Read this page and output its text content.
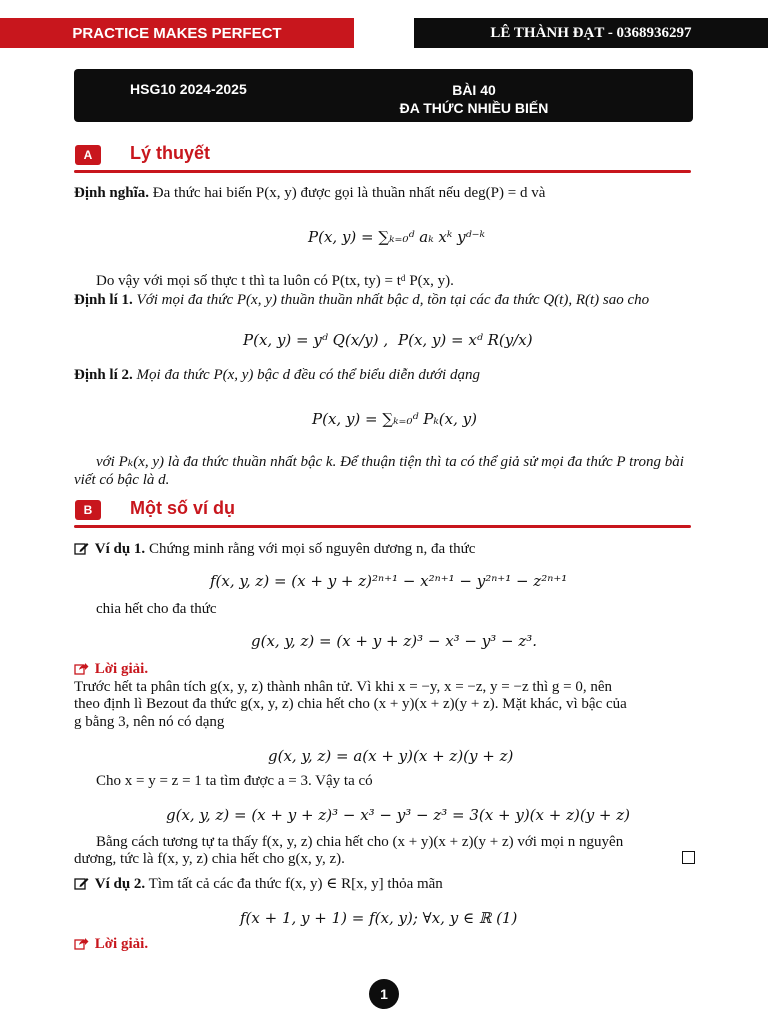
PRACTICE MAKES PERFECT	LÊ THÀNH ĐẠT - 0368936297
HSG10 2024-2025	BÀI 40
ĐA THỨC NHIỀU BIẾN
A	Lý thuyết
Định nghĩa. Đa thức hai biến P(x, y) được gọi là thuần nhất nếu deg(P) = d và
P(x, y) = ∑ₖ₌₀ᵈ aₖ xᵏ yᵈ⁻ᵏ
Do vậy với mọi số thực t thì ta luôn có P(tx, ty) = tᵈ P(x, y).
Định lí 1. Với mọi đa thức P(x, y) thuần thuần nhất bậc d, tồn tại các đa thức Q(t), R(t) sao cho
P(x, y) = yᵈ Q(x/y) , P(x, y) = xᵈ R(y/x)
Định lí 2. Mọi đa thức P(x, y) bậc d đều có thể biểu diễn dưới dạng
P(x, y) = ∑ₖ₌₀ᵈ Pₖ(x, y)
với Pₖ(x, y) là đa thức thuần nhất bậc k. Để thuận tiện thì ta có thể giả sử mọi đa thức P trong bài
viết có bậc là d.
B	Một số ví dụ
Ví dụ 1. Chứng minh rằng với mọi số nguyên dương n, đa thức
f(x, y, z) = (x + y + z)²ⁿ⁺¹ − x²ⁿ⁺¹ − y²ⁿ⁺¹ − z²ⁿ⁺¹
chia hết cho đa thức
g(x, y, z) = (x + y + z)³ − x³ − y³ − z³.
Lời giải.
Trước hết ta phân tích g(x, y, z) thành nhân tử. Vì khi x = −y, x = −z, y = −z thì g = 0, nên
theo định lì Bezout đa thức g(x, y, z) chia hết cho (x + y)(x + z)(y + z). Mặt khác, vì bậc của
g bằng 3, nên nó có dạng
g(x, y, z) = a(x + y)(x + z)(y + z)
Cho x = y = z = 1 ta tìm được a = 3. Vậy ta có
g(x, y, z) = (x + y + z)³ − x³ − y³ − z³ = 3(x + y)(x + z)(y + z)
Bằng cách tương tự ta thấy f(x, y, z) chia hết cho (x + y)(x + z)(y + z) với mọi n nguyên
dương, tức là f(x, y, z) chia hết cho g(x, y, z).
Ví dụ 2. Tìm tất cả các đa thức f(x, y) ∈ R[x, y] thỏa mãn
f(x + 1, y + 1) = f(x, y); ∀x, y ∈ ℝ (1)
Lời giải.
1
